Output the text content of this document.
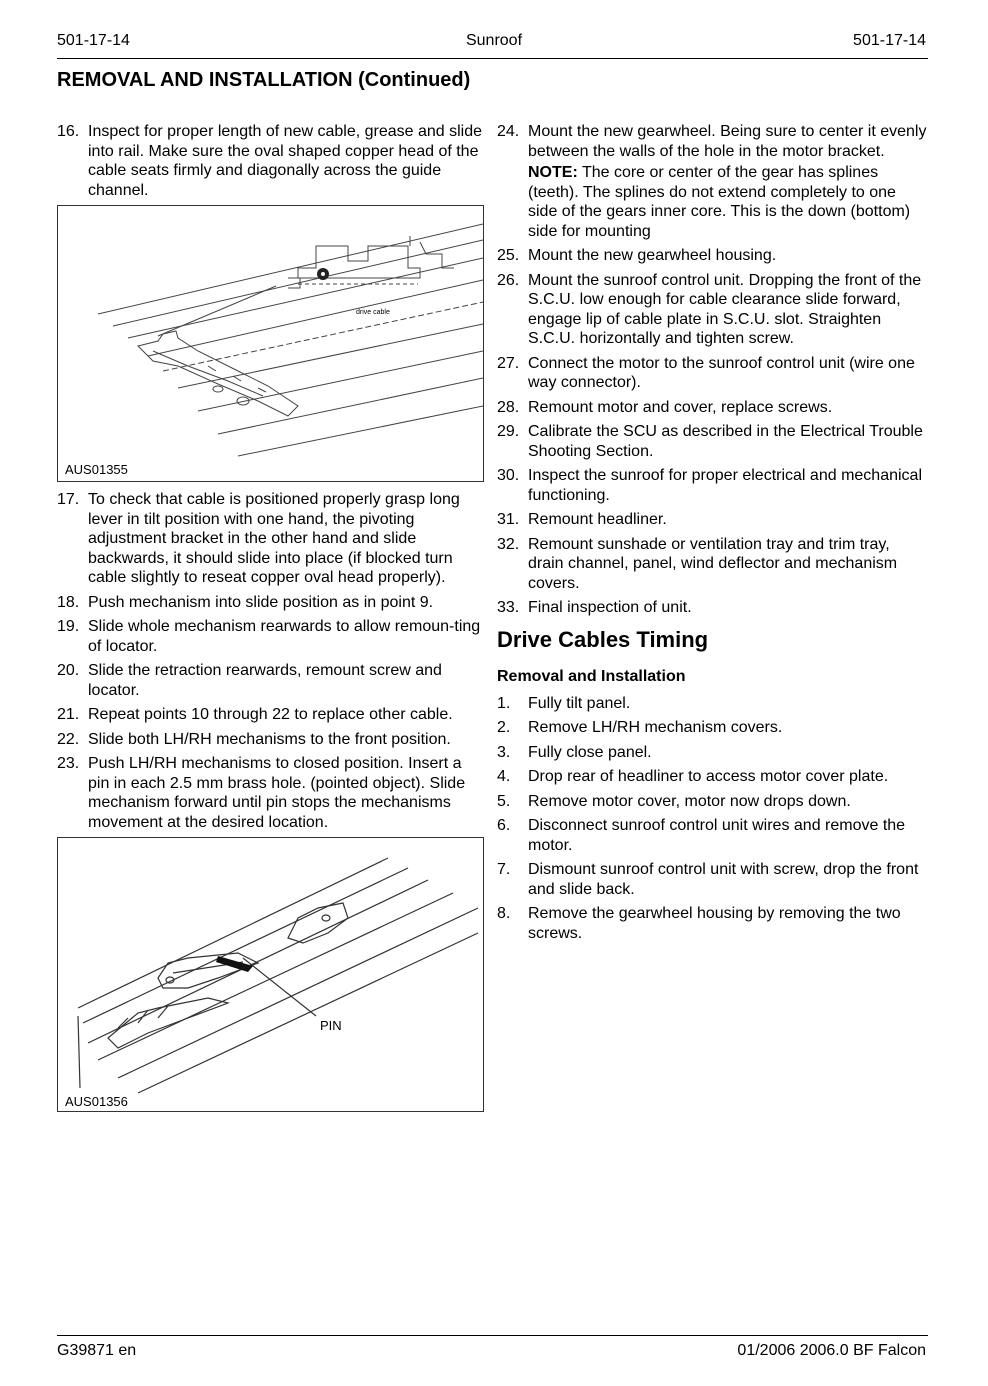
501-17-14	Sunroof	501-17-14
REMOVAL AND INSTALLATION (Continued)
16. Inspect for proper length of new cable, grease and slide into rail. Make sure the oval shaped copper head of the cable seats firmly and diagonally across the guide channel.
drive cable
AUS01355
17. To check that cable is positioned properly grasp long lever in tilt position with one hand, the pivoting adjustment bracket in the other hand and slide backwards, it should slide into place (if blocked turn cable slightly to reseat copper oval head properly).
18. Push mechanism into slide position as in point 9.
19. Slide whole mechanism rearwards to allow remoun-ting of locator.
20. Slide the retraction rearwards, remount screw and locator.
21. Repeat points 10 through 22 to replace other cable.
22. Slide both LH/RH mechanisms to the front position.
23. Push LH/RH mechanisms to closed position. Insert a pin in each 2.5 mm brass hole. (pointed object). Slide mechanism forward until pin stops the mechanisms movement at the desired location.
PIN
AUS01356
24. Mount the new gearwheel. Being sure to center it evenly between the walls of the hole in the motor bracket.
NOTE: The core or center of the gear has splines (teeth). The splines do not extend completely to one side of the gears inner core. This is the down (bottom) side for mounting
25. Mount the new gearwheel housing.
26. Mount the sunroof control unit. Dropping the front of the S.C.U. low enough for cable clearance slide forward, engage lip of cable plate in S.C.U. slot. Straighten S.C.U. horizontally and tighten screw.
27. Connect the motor to the sunroof control unit (wire one way connector).
28. Remount motor and cover, replace screws.
29. Calibrate the SCU as described in the Electrical Trouble Shooting Section.
30. Inspect the sunroof for proper electrical and mechanical functioning.
31. Remount headliner.
32. Remount sunshade or ventilation tray and trim tray, drain channel, panel, wind deflector and mechanism covers.
33. Final inspection of unit.
Drive Cables Timing
Removal and Installation
1.	Fully tilt panel.
2.	Remove LH/RH mechanism covers.
3.	Fully close panel.
4.	Drop rear of headliner to access motor cover plate.
5.	Remove motor cover, motor now drops down.
6.	Disconnect sunroof control unit wires and remove the motor.
7.	Dismount sunroof control unit with screw, drop the front and slide back.
8.	Remove the gearwheel housing by removing the two screws.
G39871 en	01/2006 2006.0 BF Falcon
